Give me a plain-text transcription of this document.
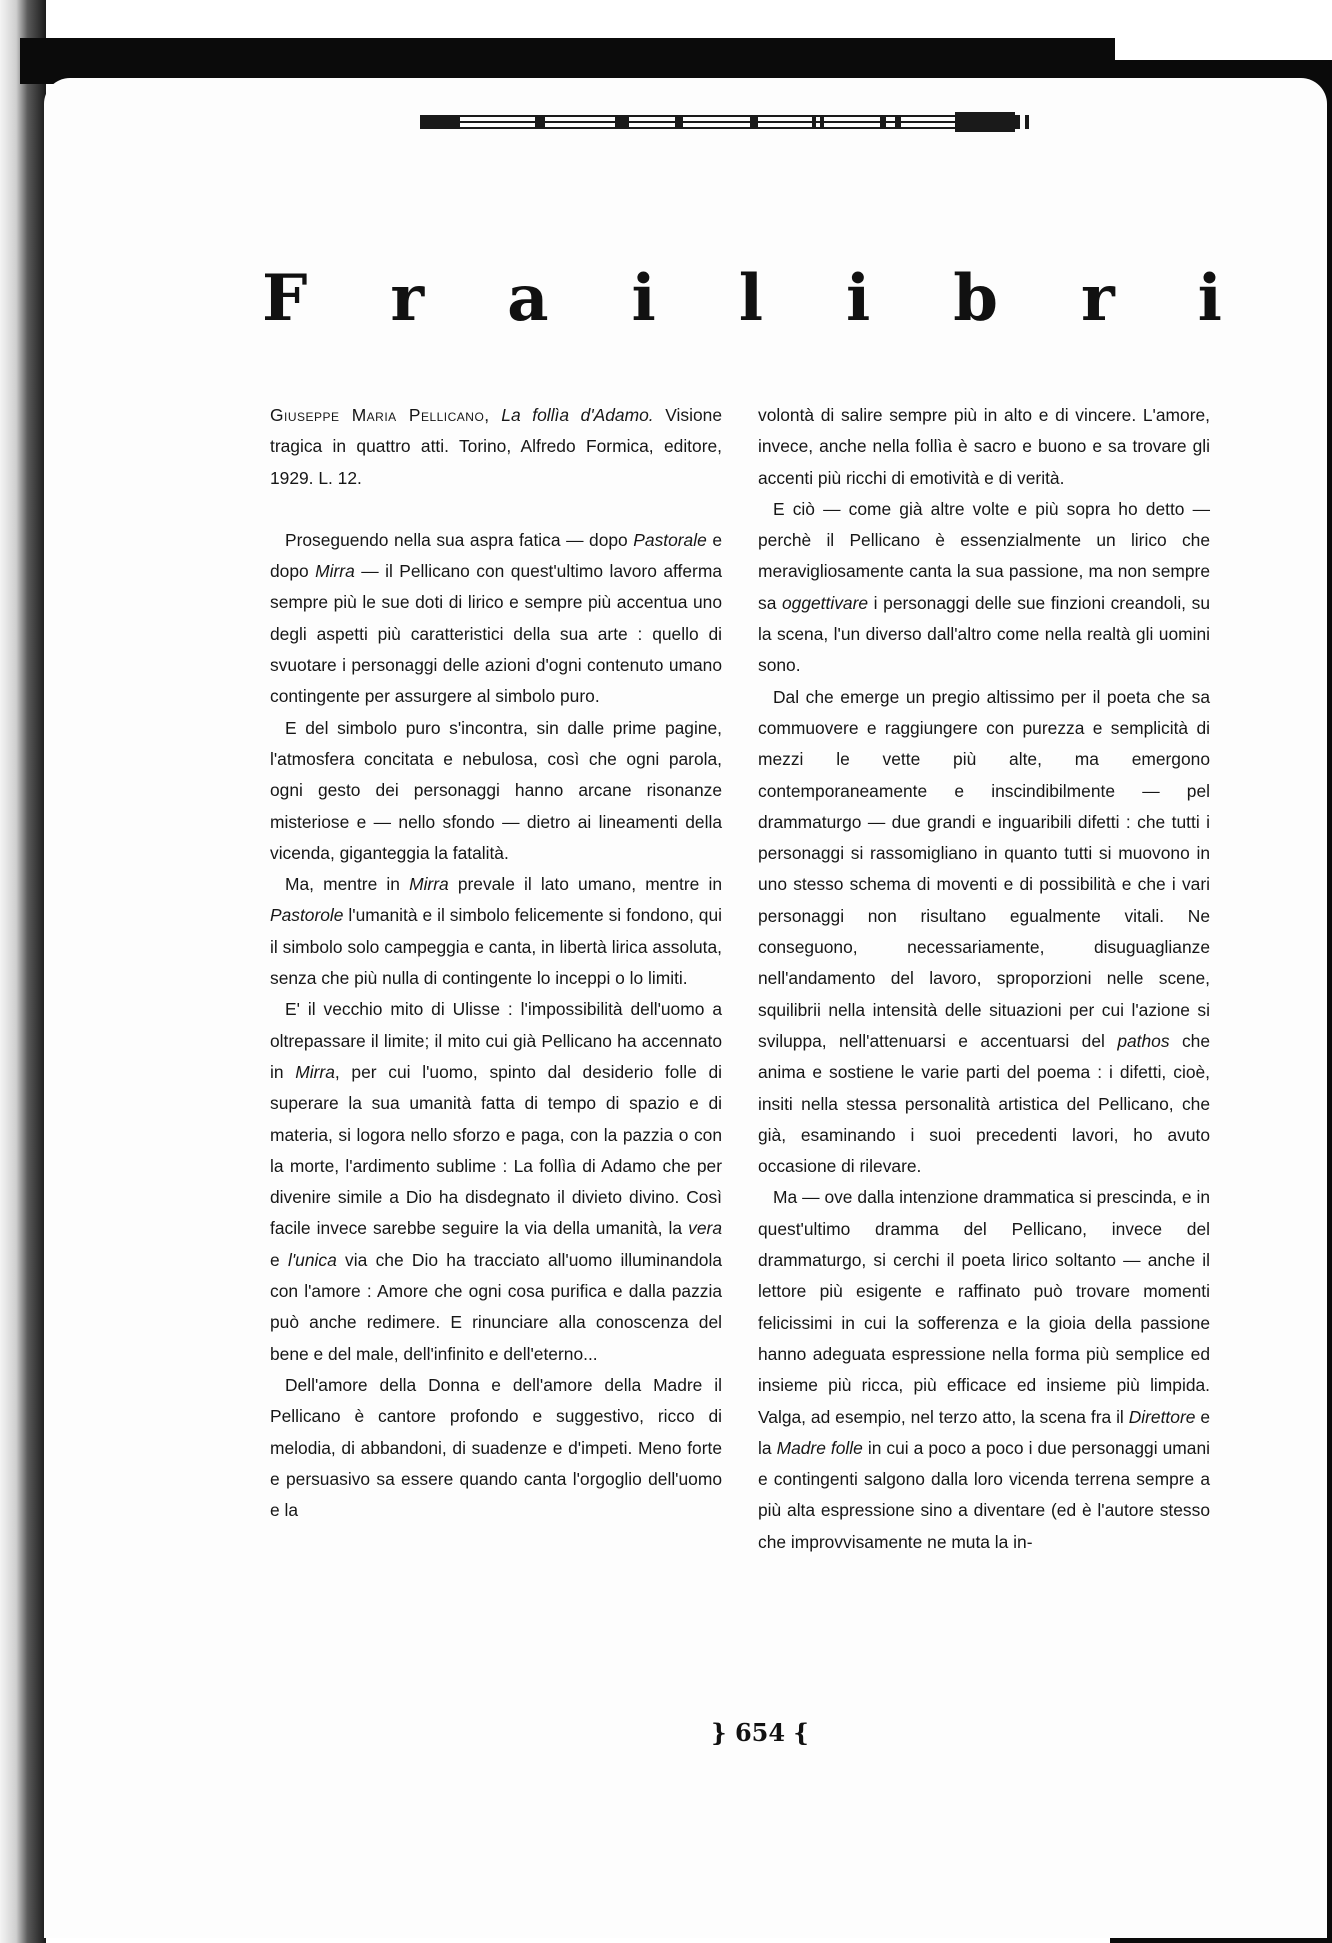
F r a i l i b r i

Giuseppe Maria Pellicano, La follìa d'Adamo. Visione tragica in quattro atti. Torino, Alfredo Formica, editore, 1929. L. 12.

Proseguendo nella sua aspra fatica — dopo Pastorale e dopo Mirra — il Pellicano con quest'ultimo lavoro afferma sempre più le sue doti di lirico e sempre più accentua uno degli aspetti più caratteristici della sua arte : quello di svuotare i personaggi delle azioni d'ogni contenuto umano contingente per assurgere al simbolo puro.

E del simbolo puro s'incontra, sin dalle prime pagine, l'atmosfera concitata e nebulosa, così che ogni parola, ogni gesto dei personaggi hanno arcane risonanze misteriose e — nello sfondo — dietro ai lineamenti della vicenda, giganteggia la fatalità.

Ma, mentre in Mirra prevale il lato umano, mentre in Pastorole l'umanità e il simbolo felicemente si fondono, qui il simbolo solo campeggia e canta, in libertà lirica assoluta, senza che più nulla di contingente lo inceppi o lo limiti.

E' il vecchio mito di Ulisse : l'impossibilità dell'uomo a oltrepassare il limite; il mito cui già Pellicano ha accennato in Mirra, per cui l'uomo, spinto dal desiderio folle di superare la sua umanità fatta di tempo di spazio e di materia, si logora nello sforzo e paga, con la pazzia o con la morte, l'ardimento sublime : La follìa di Adamo che per divenire simile a Dio ha disdegnato il divieto divino. Così facile invece sarebbe seguire la via della umanità, la vera e l'unica via che Dio ha tracciato all'uomo illuminandola con l'amore : Amore che ogni cosa purifica e dalla pazzia può anche redimere. E rinunciare alla conoscenza del bene e del male, dell'infinito e dell'eterno...

Dell'amore della Donna e dell'amore della Madre il Pellicano è cantore profondo e suggestivo, ricco di melodia, di abbandoni, di suadenze e d'impeti. Meno forte e persuasivo sa essere quando canta l'orgoglio dell'uomo e la

volontà di salire sempre più in alto e di vincere. L'amore, invece, anche nella follìa è sacro e buono e sa trovare gli accenti più ricchi di emotività e di verità.

E ciò — come già altre volte e più sopra ho detto — perchè il Pellicano è essenzialmente un lirico che meravigliosamente canta la sua passione, ma non sempre sa oggettivare i personaggi delle sue finzioni creandoli, su la scena, l'un diverso dall'altro come nella realtà gli uomini sono.

Dal che emerge un pregio altissimo per il poeta che sa commuovere e raggiungere con purezza e semplicità di mezzi le vette più alte, ma emergono contemporaneamente e inscindibilmente — pel drammaturgo — due grandi e inguaribili difetti : che tutti i personaggi si rassomigliano in quanto tutti si muovono in uno stesso schema di moventi e di possibilità e che i vari personaggi non risultano egualmente vitali. Ne conseguono, necessariamente, disuguaglianze nell'andamento del lavoro, sproporzioni nelle scene, squilibrii nella intensità delle situazioni per cui l'azione si sviluppa, nell'attenuarsi e accentuarsi del pathos che anima e sostiene le varie parti del poema : i difetti, cioè, insiti nella stessa personalità artistica del Pellicano, che già, esaminando i suoi precedenti lavori, ho avuto occasione di rilevare.

Ma — ove dalla intenzione drammatica si prescinda, e in quest'ultimo dramma del Pellicano, invece del drammaturgo, si cerchi il poeta lirico soltanto — anche il lettore più esigente e raffinato può trovare momenti felicissimi in cui la sofferenza e la gioia della passione hanno adeguata espressione nella forma più semplice ed insieme più ricca, più efficace ed insieme più limpida. Valga, ad esempio, nel terzo atto, la scena fra il Direttore e la Madre folle in cui a poco a poco i due personaggi umani e contingenti salgono dalla loro vicenda terrena sempre a più alta espressione sino a diventare (ed è l'autore stesso che improvvisamente ne muta la in-

} 654 {
